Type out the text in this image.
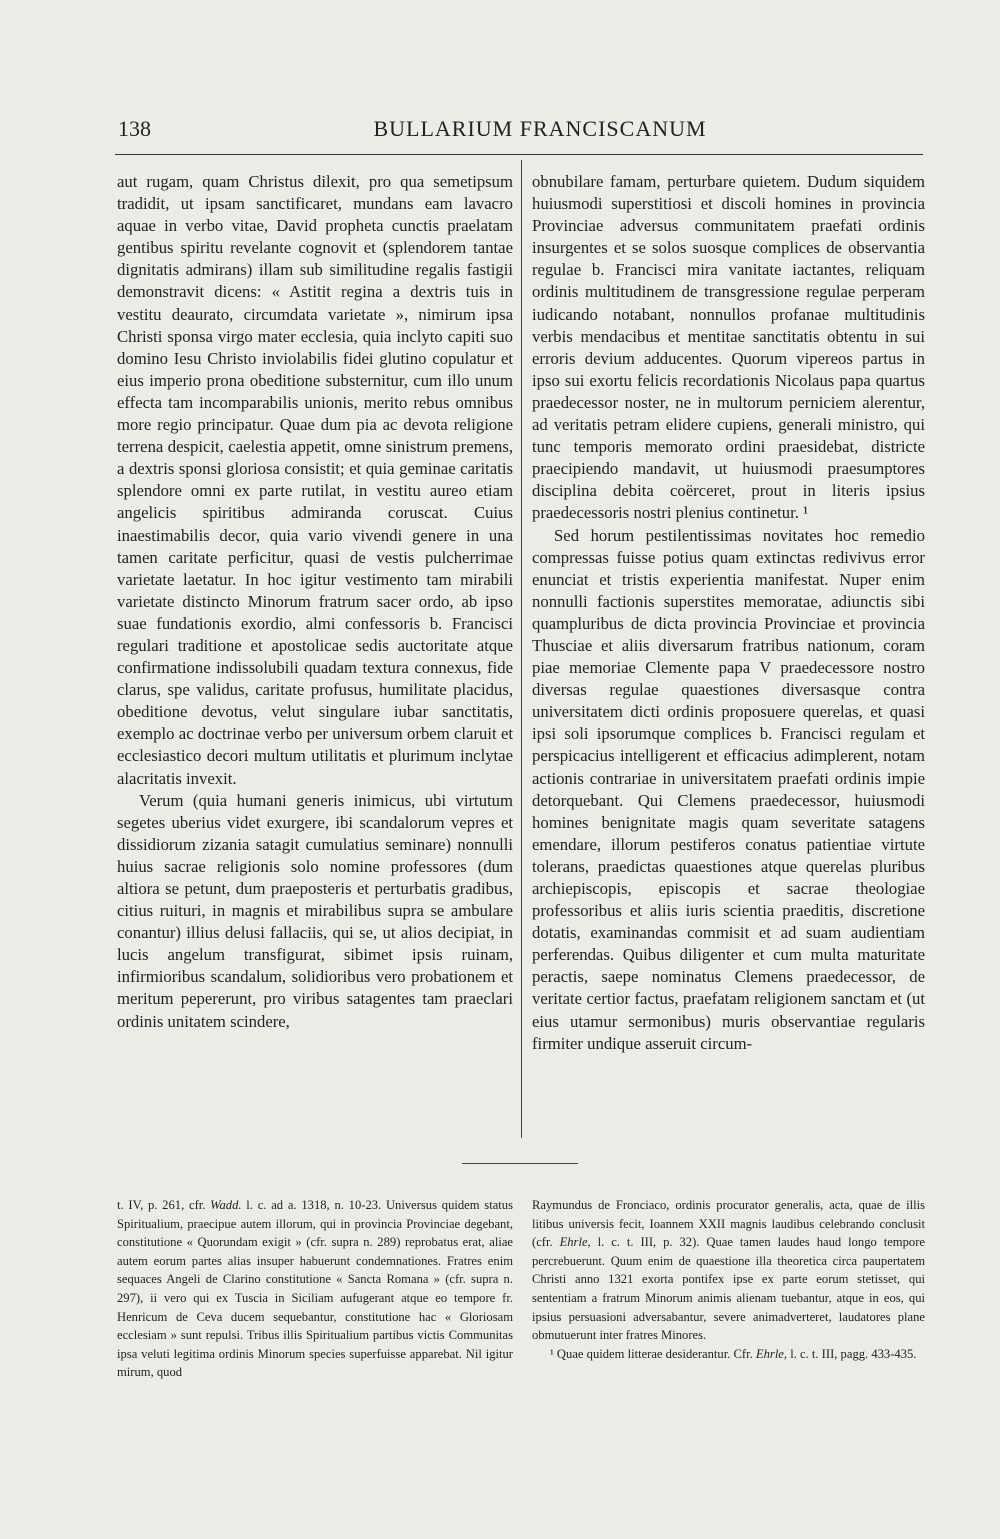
138	BULLARIUM FRANCISCANUM

aut rugam, quam Christus dilexit, pro qua semetipsum tradidit, ut ipsam sanctificaret, mundans eam lavacro aquae in verbo vitae, David propheta cunctis praelatam gentibus spiritu revelante cognovit et (splendorem tantae dignitatis admirans) illam sub similitudine regalis fastigii demonstravit dicens: « Astitit regina a dextris tuis in vestitu deaurato, circumdata varietate », nimirum ipsa Christi sponsa virgo mater ecclesia, quia inclyto capiti suo domino Iesu Christo inviolabilis fidei glutino copulatur et eius imperio prona obeditione substernitur, cum illo unum effecta tam incomparabilis unionis, merito rebus omnibus more regio principatur. Quae dum pia ac devota religione terrena despicit, caelestia appetit, omne sinistrum premens, a dextris sponsi gloriosa consistit; et quia geminae caritatis splendore omni ex parte rutilat, in vestitu aureo etiam angelicis spiritibus admiranda coruscat. Cuius inaestimabilis decor, quia vario vivendi genere in una tamen caritate perficitur, quasi de vestis pulcherrimae varietate laetatur. In hoc igitur vestimento tam mirabili varietate distincto Minorum fratrum sacer ordo, ab ipso suae fundationis exordio, almi confessoris b. Francisci regulari traditione et apostolicae sedis auctoritate atque confirmatione indissolubili quadam textura connexus, fide clarus, spe validus, caritate profusus, humilitate placidus, obeditione devotus, velut singulare iubar sanctitatis, exemplo ac doctrinae verbo per universum orbem claruit et ecclesiastico decori multum utilitatis et plurimum inclytae alacritatis invexit.

Verum (quia humani generis inimicus, ubi virtutum segetes uberius videt exurgere, ibi scandalorum vepres et dissidiorum zizania satagit cumulatius seminare) nonnulli huius sacrae religionis solo nomine professores (dum altiora se petunt, dum praeposteris et perturbatis gradibus, citius ruituri, in magnis et mirabilibus supra se ambulare conantur) illius delusi fallaciis, qui se, ut alios decipiat, in lucis angelum transfigurat, sibimet ipsis ruinam, infirmioribus scandalum, solidioribus vero probationem et meritum pepererunt, pro viribus satagentes tam praeclari ordinis unitatem scindere,

obnubilare famam, perturbare quietem. Dudum siquidem huiusmodi superstitiosi et discoli homines in provincia Provinciae adversus communitatem praefati ordinis insurgentes et se solos suosque complices de observantia regulae b. Francisci mira vanitate iactantes, reliquam ordinis multitudinem de transgressione regulae perperam iudicando notabant, nonnullos profanae multitudinis verbis mendacibus et mentitae sanctitatis obtentu in sui erroris devium adducentes. Quorum vipereos partus in ipso sui exortu felicis recordationis Nicolaus papa quartus praedecessor noster, ne in multorum perniciem alerentur, ad veritatis petram elidere cupiens, generali ministro, qui tunc temporis memorato ordini praesidebat, districte praecipiendo mandavit, ut huiusmodi praesumptores disciplina debita coërceret, prout in literis ipsius praedecessoris nostri plenius continetur. ¹

Sed horum pestilentissimas novitates hoc remedio compressas fuisse potius quam extinctas redivivus error enunciat et tristis experientia manifestat. Nuper enim nonnulli factionis superstites memoratae, adiunctis sibi quampluribus de dicta provincia Provinciae et provincia Thusciae et aliis diversarum fratribus nationum, coram piae memoriae Clemente papa V praedecessore nostro diversas regulae quaestiones diversasque contra universitatem dicti ordinis proposuere querelas, et quasi ipsi soli ipsorumque complices b. Francisci regulam et perspicacius intelligerent et efficacius adimplerent, notam actionis contrariae in universitatem praefati ordinis impie detorquebant. Qui Clemens praedecessor, huiusmodi homines benignitate magis quam severitate satagens emendare, illorum pestiferos conatus patientiae virtute tolerans, praedictas quaestiones atque querelas pluribus archiepiscopis, episcopis et sacrae theologiae professoribus et aliis iuris scientia praeditis, discretione dotatis, examinandas commisit et ad suam audientiam perferendas. Quibus diligenter et cum multa maturitate peractis, saepe nominatus Clemens praedecessor, de veritate certior factus, praefatam religionem sanctam et (ut eius utamur sermonibus) muris observantiae regularis firmiter undique asseruit circum-

t. IV, p. 261, cfr. Wadd. l. c. ad a. 1318, n. 10-23. Universus quidem status Spiritualium, praecipue autem illorum, qui in provincia Provinciae degebant, constitutione « Quorundam exigit » (cfr. supra n. 289) reprobatus erat, aliae autem eorum partes alias insuper habuerunt condemnationes. Fratres enim sequaces Angeli de Clarino constitutione « Sancta Romana » (cfr. supra n. 297), ii vero qui ex Tuscia in Siciliam aufugerant atque eo tempore fr. Henricum de Ceva ducem sequebantur, constitutione hac « Gloriosam ecclesiam » sunt repulsi. Tribus illis Spiritualium partibus victis Communitas ipsa veluti legitima ordinis Minorum species superfuisse apparebat. Nil igitur mirum, quod

Raymundus de Fronciaco, ordinis procurator generalis, acta, quae de illis litibus universis fecit, Ioannem XXII magnis laudibus celebrando conclusit (cfr. Ehrle, l. c. t. III, p. 32). Quae tamen laudes haud longo tempore percrebuerunt. Quum enim de quaestione illa theoretica circa paupertatem Christi anno 1321 exorta pontifex ipse ex parte eorum stetisset, qui sententiam a fratrum Minorum animis alienam tuebantur, atque in eos, qui ipsius persuasioni adversabantur, severe animadverteret, laudatores plane obmutuerunt inter fratres Minores.

¹ Quae quidem litterae desiderantur. Cfr. Ehrle, l. c. t. III, pagg. 433-435.
